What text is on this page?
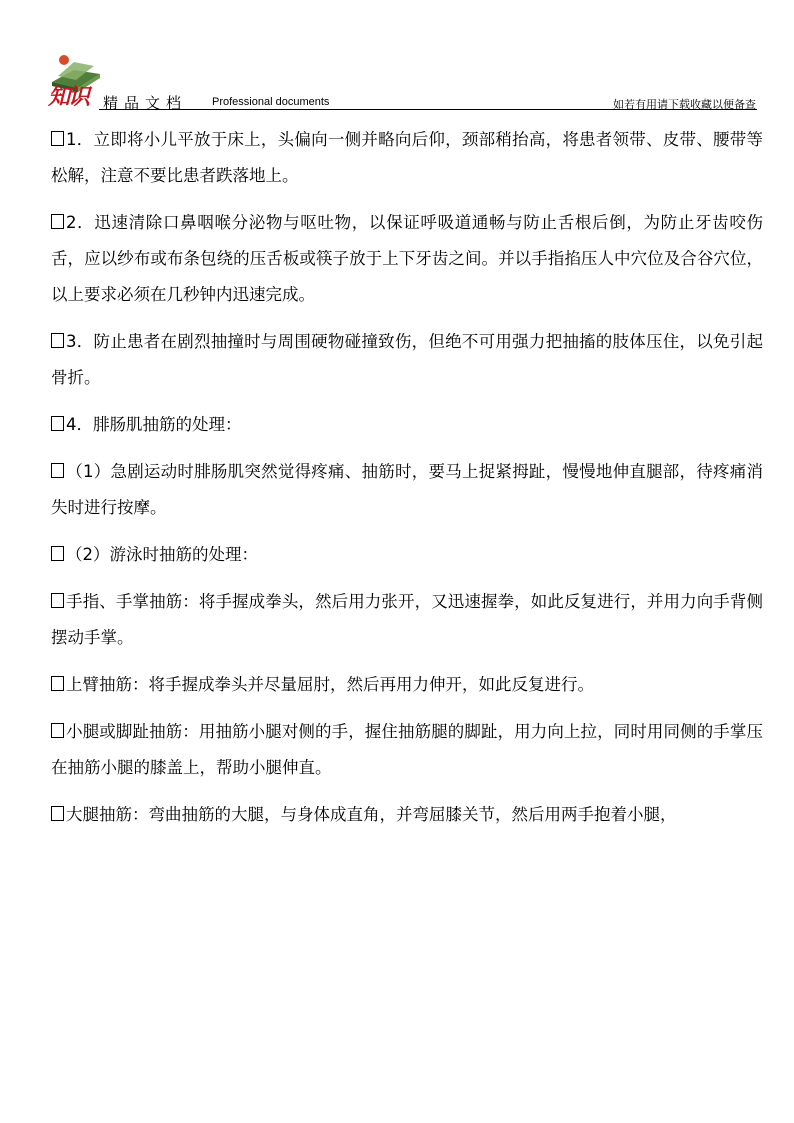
知识 精品文档 Professional documents	如若有用请下载收藏以便备查

1．立即将小儿平放于床上，头偏向一侧并略向后仰，颈部稍抬高，将患者领带、皮带、腰带等松解，注意不要比患者跌落地上。

2．迅速清除口鼻咽喉分泌物与呕吐物，以保证呼吸道通畅与防止舌根后倒，为防止牙齿咬伤舌，应以纱布或布条包绕的压舌板或筷子放于上下牙齿之间。并以手指掐压人中穴位及合谷穴位，以上要求必须在几秒钟内迅速完成。

3．防止患者在剧烈抽撞时与周围硬物碰撞致伤，但绝不可用强力把抽搐的肢体压住，以免引起骨折。

4．腓肠肌抽筋的处理：

（1）急剧运动时腓肠肌突然觉得疼痛、抽筋时，要马上捉紧拇趾，慢慢地伸直腿部，待疼痛消失时进行按摩。

（2）游泳时抽筋的处理：

手指、手掌抽筋：将手握成拳头，然后用力张开，又迅速握拳，如此反复进行，并用力向手背侧摆动手掌。

上臂抽筋：将手握成拳头并尽量屈肘，然后再用力伸开，如此反复进行。

小腿或脚趾抽筋：用抽筋小腿对侧的手，握住抽筋腿的脚趾，用力向上拉，同时用同侧的手掌压在抽筋小腿的膝盖上，帮助小腿伸直。

大腿抽筋：弯曲抽筋的大腿，与身体成直角，并弯屈膝关节，然后用两手抱着小腿，
